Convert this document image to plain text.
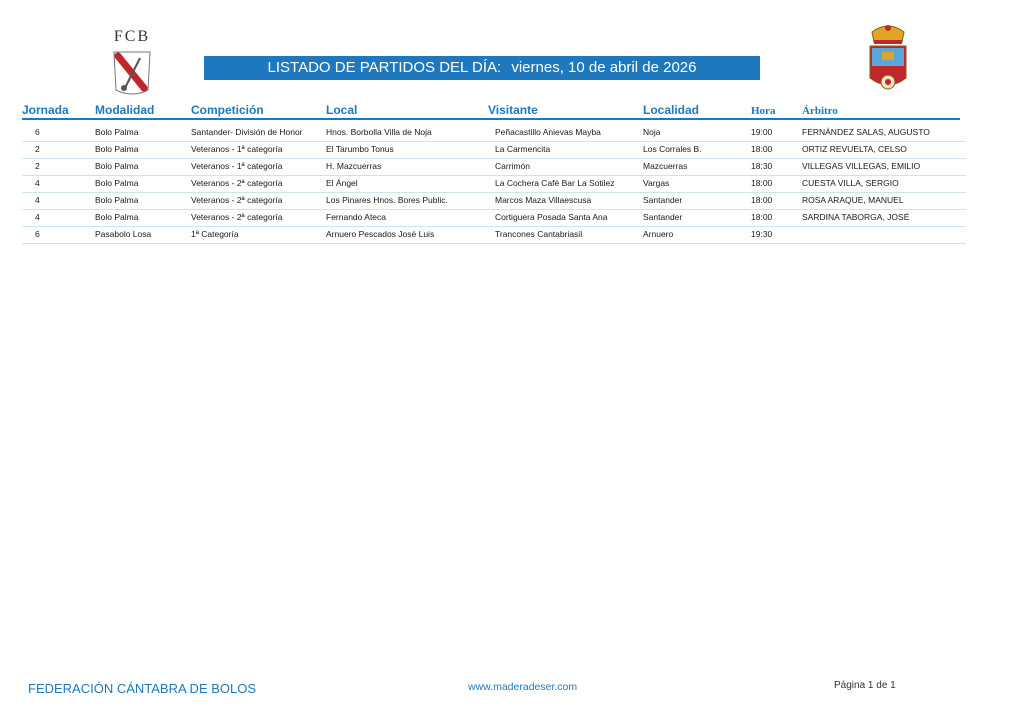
FCB
LISTADO DE PARTIDOS DEL DÍA: viernes, 10 de abril de 2026
Jornada Modalidad	Competición	Local	Visitante	Localidad	Hora Árbitro
6	Bolo Palma	Santander- División de Honor	Hnos. Borbolla Villa de Noja	Peñacastillo Anievas Mayba	Noja	19:00	FERNÁNDEZ SALAS, AUGUSTO
2	Bolo Palma	Veteranos - 1ª categoría	El Tarumbo Tonus	La Carmencita	Los Corrales B.	18:00	ORTIZ REVUELTA, CELSO
2	Bolo Palma	Veteranos - 1ª categoría	H. Mazcuerras	Carrimón	Mazcuerras	18:30	VILLEGAS VILLEGAS, EMILIO
4	Bolo Palma	Veteranos - 2ª categoría	El Ángel	La Cochera Café Bar La Sotilez	Vargas	18:00	CUESTA VILLA, SERGIO
4	Bolo Palma	Veteranos - 2ª categoría	Los Pinares Hnos. Bores Public.	Marcos Maza Villaescusa	Santander	18:00	ROSA ARAQUE, MANUEL
4	Bolo Palma	Veteranos - 2ª categoría	Fernando Ateca	Cortiguera Posada Santa Ana	Santander	18:00	SARDINA TABORGA, JOSÉ
6	Pasabolo Losa	1ª Categoría	Arnuero Pescados José Luis	Trancones Cantabriasil	Arnuero	19:30
FEDERACIÓN CÁNTABRA DE BOLOS	www.maderadeser.com	Página 1 de 1
